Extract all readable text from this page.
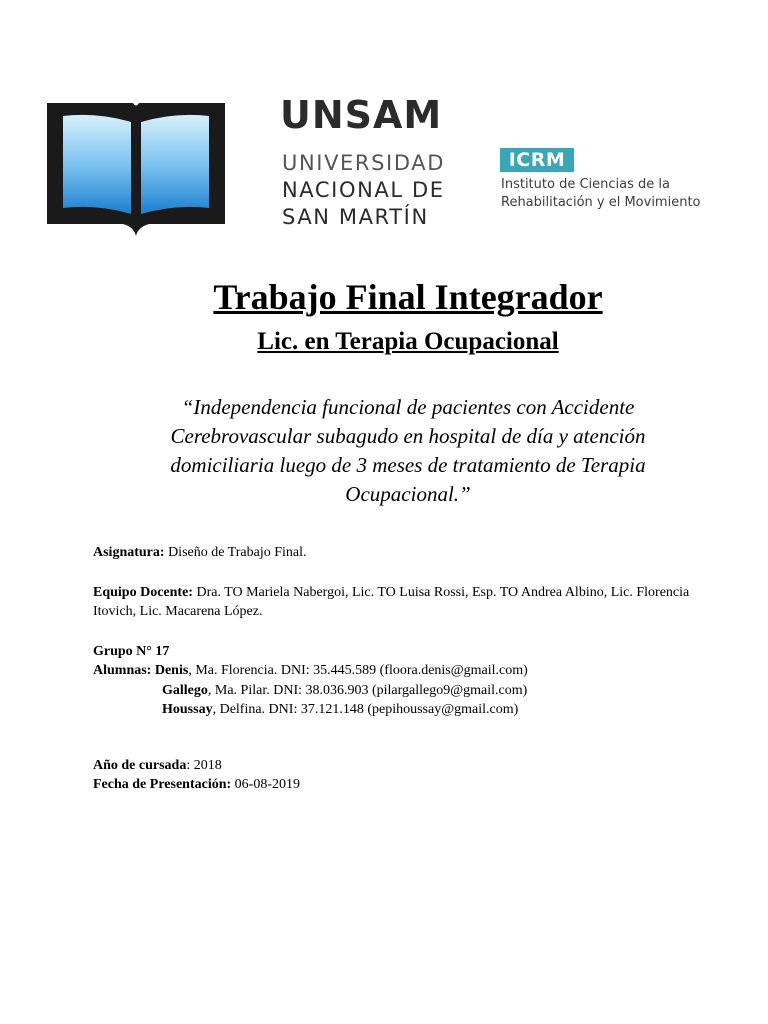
UNSAM
UNIVERSIDAD
NACIONAL DE
SAN MARTÍN
ICRM
Instituto de Ciencias de la
Rehabilitación y el Movimiento
Trabajo Final Integrador
Lic. en Terapia Ocupacional
“Independencia funcional de pacientes con Accidente Cerebrovascular subagudo en hospital de día y atención domiciliaria luego de 3 meses de tratamiento de Terapia Ocupacional.”

Asignatura: Diseño de Trabajo Final.

Equipo Docente: Dra. TO Mariela Nabergoi, Lic. TO Luisa Rossi, Esp. TO Andrea Albino, Lic. Florencia Itovich, Lic. Macarena López.

Grupo N° 17

Alumnas: Denis, Ma. Florencia. DNI: 35.445.589 (floora.denis@gmail.com)

Gallego, Ma. Pilar. DNI: 38.036.903 (pilargallego9@gmail.com)

Houssay, Delfina. DNI: 37.121.148 (pepihoussay@gmail.com)

Año de cursada: 2018

Fecha de Presentación: 06-08-2019
